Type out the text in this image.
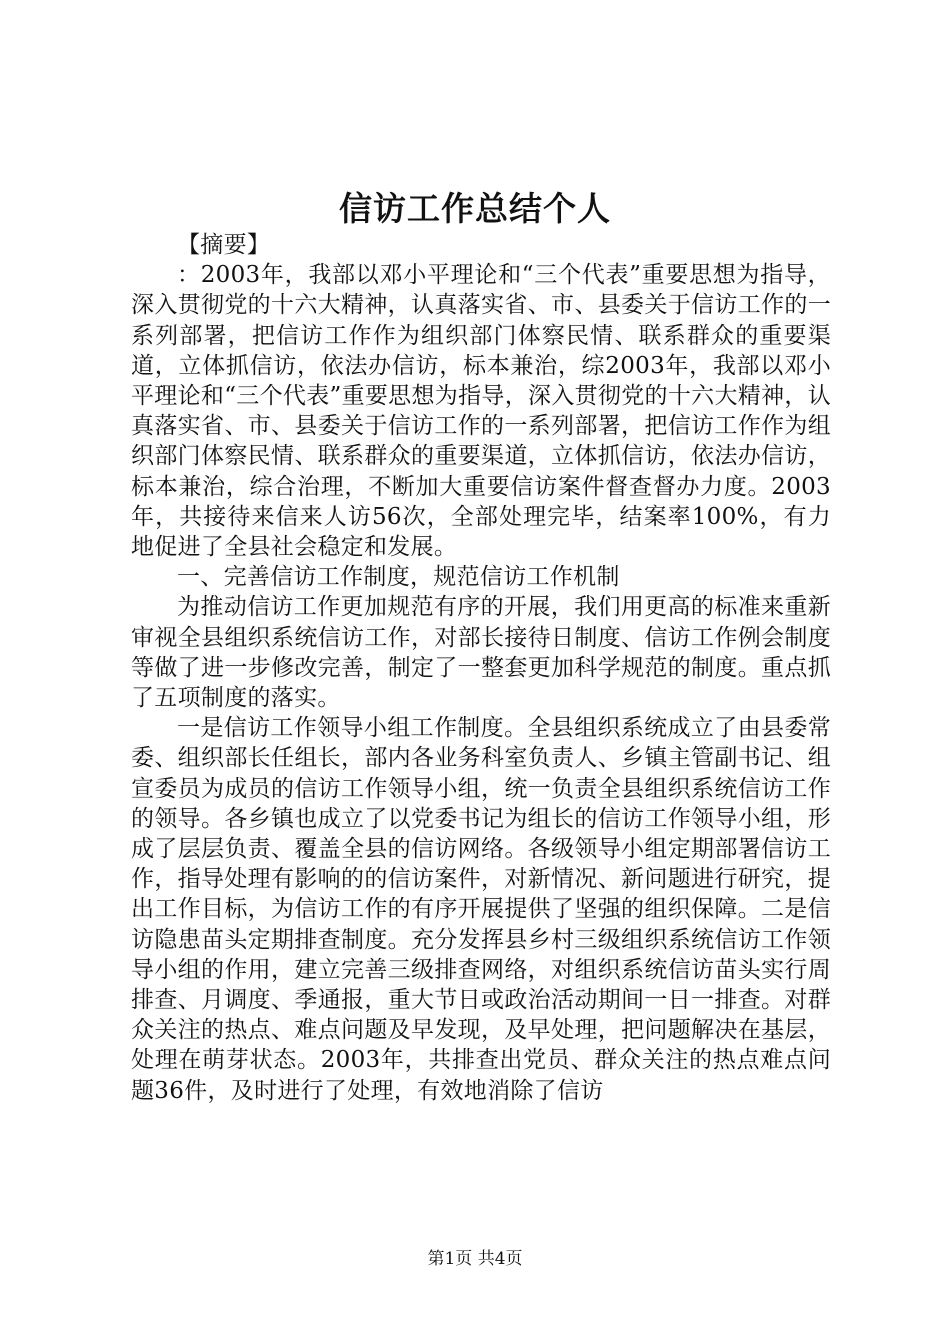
信访工作总结个人

【摘要】

：2003年，我部以邓小平理论和“三个代表”重要思想为指导，深入贯彻党的十六大精神，认真落实省、市、县委关于信访工作的一系列部署，把信访工作作为组织部门体察民情、联系群众的重要渠道，立体抓信访，依法办信访，标本兼治，综2003年，我部以邓小平理论和“三个代表”重要思想为指导，深入贯彻党的十六大精神，认真落实省、市、县委关于信访工作的一系列部署，把信访工作作为组织部门体察民情、联系群众的重要渠道，立体抓信访，依法办信访，标本兼治，综合治理，不断加大重要信访案件督查督办力度。2003年，共接待来信来人访56次，全部处理完毕，结案率100%，有力地促进了全县社会稳定和发展。

一、完善信访工作制度，规范信访工作机制

为推动信访工作更加规范有序的开展，我们用更高的标准来重新审视全县组织系统信访工作，对部长接待日制度、信访工作例会制度等做了进一步修改完善，制定了一整套更加科学规范的制度。重点抓了五项制度的落实。

一是信访工作领导小组工作制度。全县组织系统成立了由县委常委、组织部长任组长，部内各业务科室负责人、乡镇主管副书记、组宣委员为成员的信访工作领导小组，统一负责全县组织系统信访工作的领导。各乡镇也成立了以党委书记为组长的信访工作领导小组，形成了层层负责、覆盖全县的信访网络。各级领导小组定期部署信访工作，指导处理有影响的的信访案件，对新情况、新问题进行研究，提出工作目标，为信访工作的有序开展提供了坚强的组织保障。二是信访隐患苗头定期排查制度。充分发挥县乡村三级组织系统信访工作领导小组的作用，建立完善三级排查网络，对组织系统信访苗头实行周排查、月调度、季通报，重大节日或政治活动期间一日一排查。对群众关注的热点、难点问题及早发现，及早处理，把问题解决在基层，处理在萌芽状态。2003年，共排查出党员、群众关注的热点难点问题36件，及时进行了处理，有效地消除了信访

第1页 共4页
